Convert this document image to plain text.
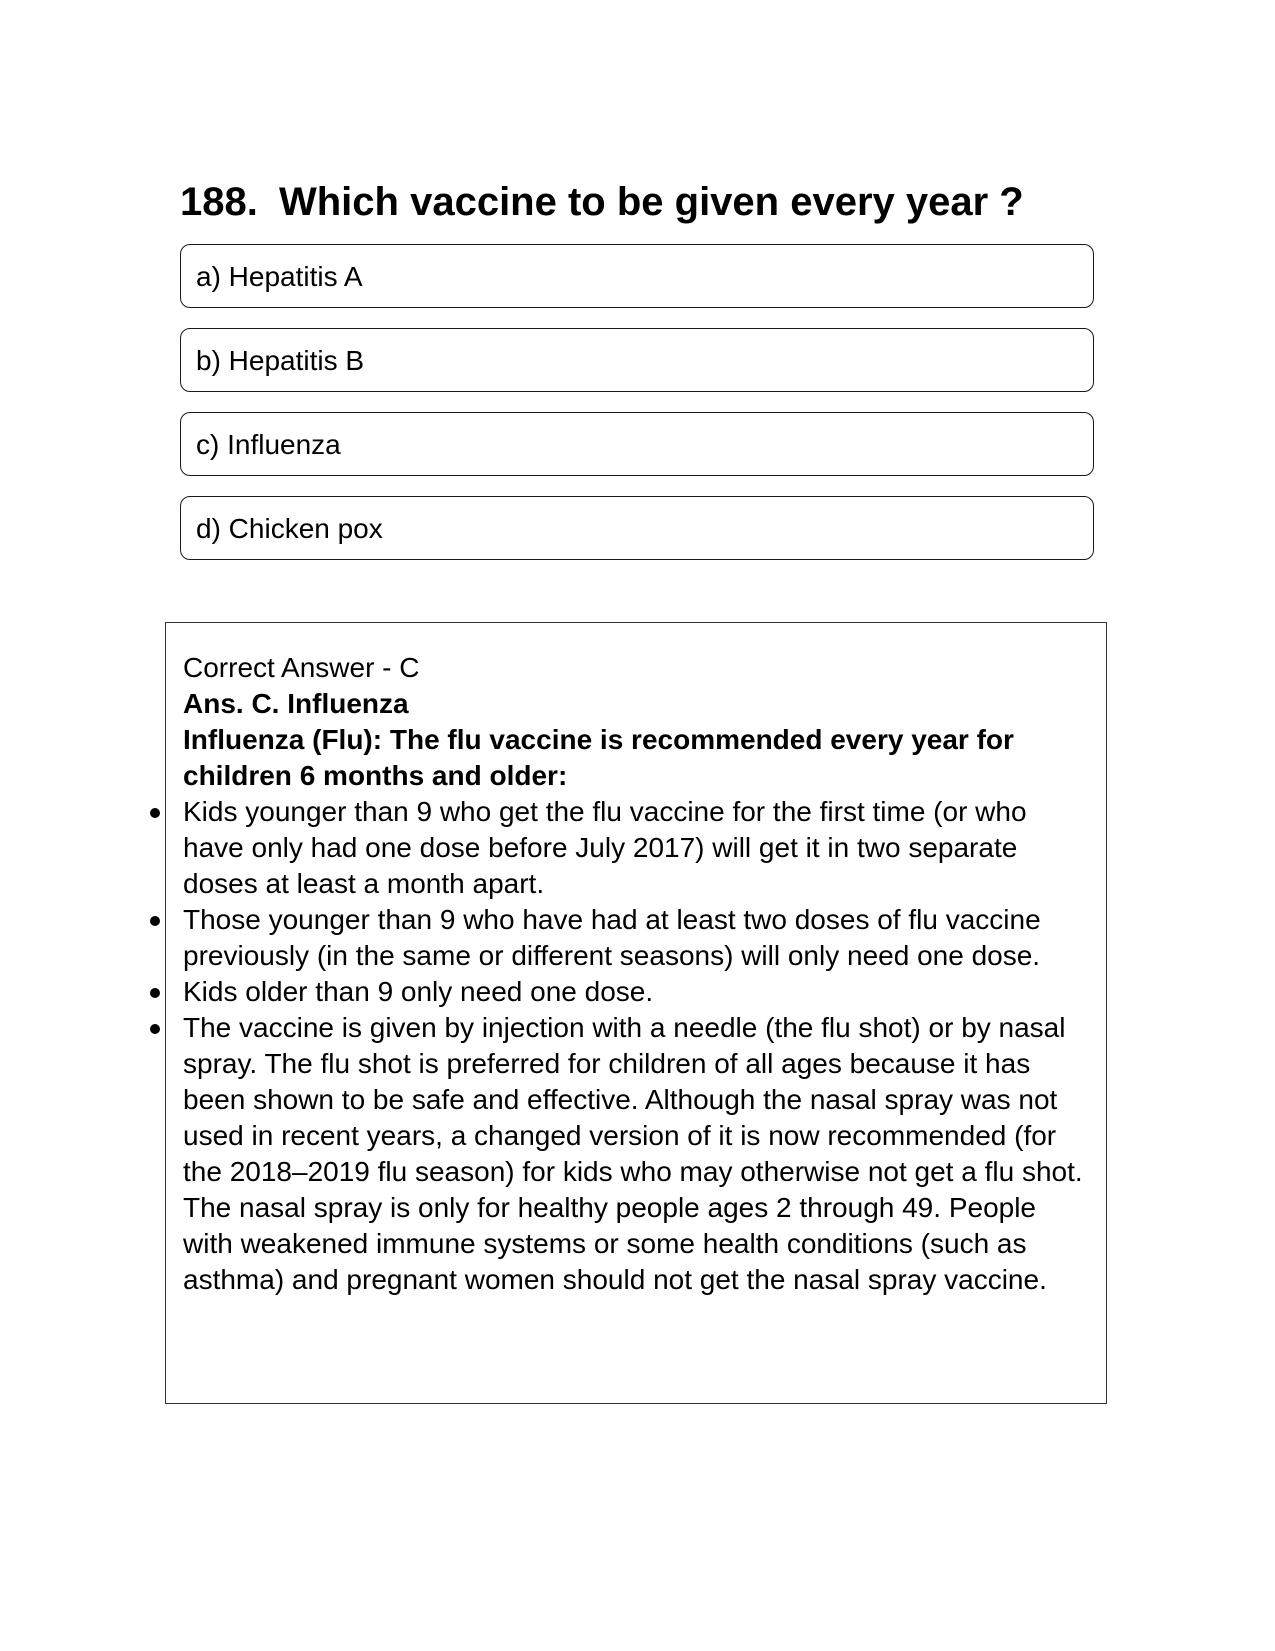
188. Which vaccine to be given every year ?
a) Hepatitis A
b) Hepatitis B
c) Influenza
d) Chicken pox

Correct Answer - C

Ans. C. Influenza

Influenza (Flu): The flu vaccine is recommended every year for children 6 months and older:

Kids younger than 9 who get the flu vaccine for the first time (or who have only had one dose before July 2017) will get it in two separate doses at least a month apart.
Those younger than 9 who have had at least two doses of flu vaccine previously (in the same or different seasons) will only need one dose.
Kids older than 9 only need one dose.
The vaccine is given by injection with a needle (the flu shot) or by nasal spray. The flu shot is preferred for children of all ages because it has been shown to be safe and effective. Although the nasal spray was not used in recent years, a changed version of it is now recommended (for the 2018–2019 flu season) for kids who may otherwise not get a flu shot. The nasal spray is only for healthy people ages 2 through 49. People with weakened immune systems or some health conditions (such as asthma) and pregnant women should not get the nasal spray vaccine.
